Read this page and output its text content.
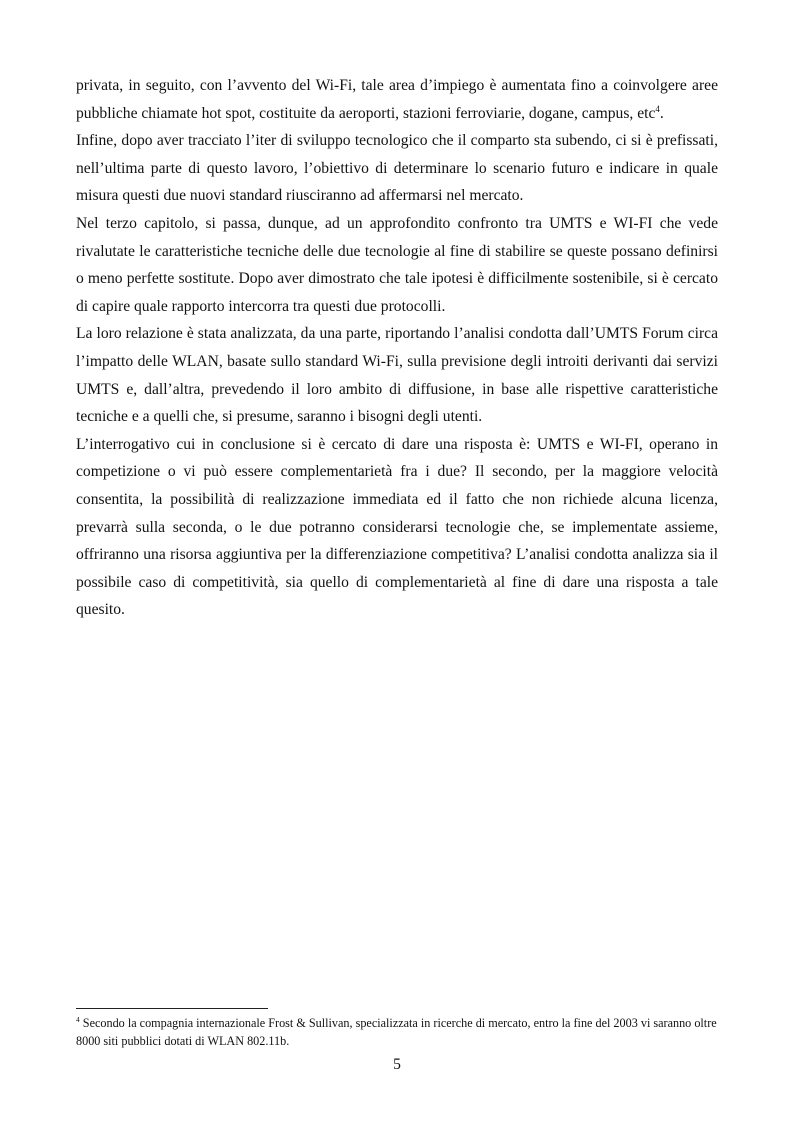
privata, in seguito, con l’avvento del Wi-Fi, tale area d’impiego è aumentata fino a coinvolgere aree pubbliche chiamate hot spot, costituite da aeroporti, stazioni ferroviarie, dogane, campus, etc$^4$.

Infine, dopo aver tracciato l’iter di sviluppo tecnologico che il comparto sta subendo, ci si è prefissati, nell’ultima parte di questo lavoro, l’obiettivo di determinare lo scenario futuro e indicare in quale misura questi due nuovi standard riusciranno ad affermarsi nel mercato.

Nel terzo capitolo, si passa, dunque, ad un approfondito confronto tra UMTS e WI-FI che vede rivalutate le caratteristiche tecniche delle due tecnologie al fine di stabilire se queste possano definirsi o meno perfette sostitute. Dopo aver dimostrato che tale ipotesi è difficilmente sostenibile, si è cercato di capire quale rapporto intercorra tra questi due protocolli.

La loro relazione è stata analizzata, da una parte, riportando l’analisi condotta dall’UMTS Forum circa l’impatto delle WLAN, basate sullo standard Wi-Fi, sulla previsione degli introiti derivanti dai servizi UMTS e, dall’altra, prevedendo il loro ambito di diffusione, in base alle rispettive caratteristiche tecniche e a quelli che, si presume, saranno i bisogni degli utenti.

L’interrogativo cui in conclusione si è cercato di dare una risposta è: UMTS e WI-FI, operano in competizione o vi può essere complementarietà fra i due? Il secondo, per la maggiore velocità consentita, la possibilità di realizzazione immediata ed il fatto che non richiede alcuna licenza, prevarrà sulla seconda, o le due potranno considerarsi tecnologie che, se implementate assieme, offriranno una risorsa aggiuntiva per la differenziazione competitiva? L’analisi condotta analizza sia il possibile caso di competitività, sia quello di complementarietà al fine di dare una risposta a tale quesito.

$^4$ Secondo la compagnia internazionale Frost & Sullivan, specializzata in ricerche di mercato, entro la fine del 2003 vi saranno oltre 8000 siti pubblici dotati di WLAN 802.11b.
5
